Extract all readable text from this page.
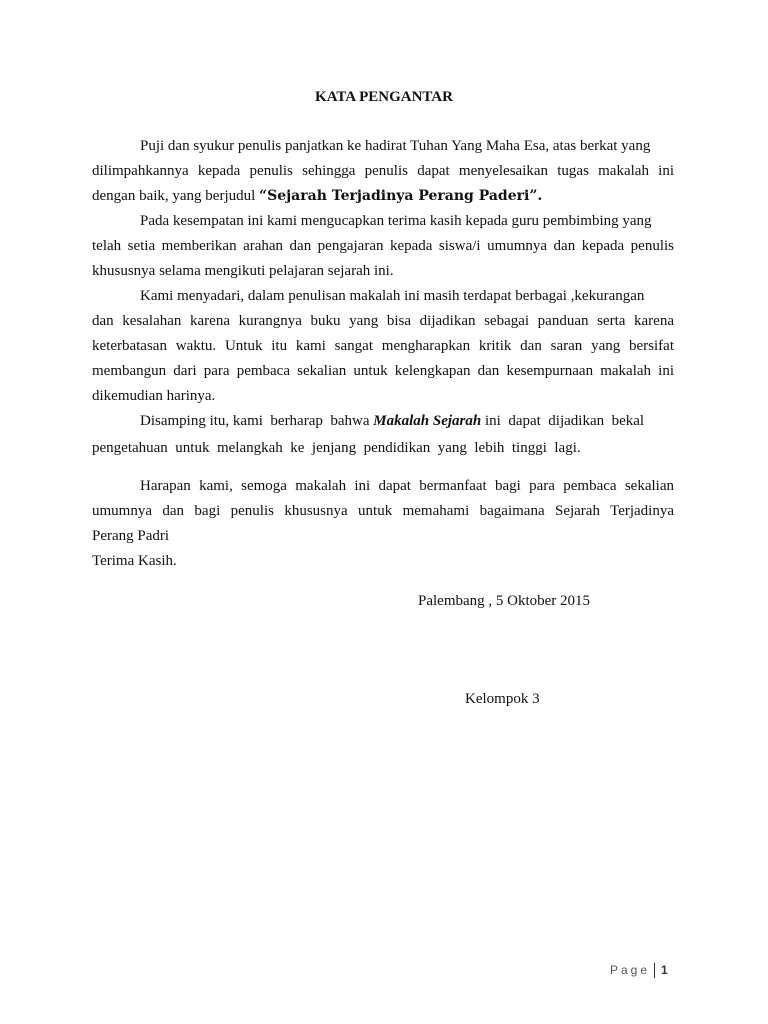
KATA PENGANTAR
Puji dan syukur penulis panjatkan ke hadirat Tuhan Yang Maha Esa, atas berkat yang
dilimpahkannya kepada penulis sehingga penulis dapat menyelesaikan tugas makalah ini
dengan baik, yang berjudul “Sejarah Terjadinya Perang Paderi”.
Pada kesempatan ini kami mengucapkan terima kasih kepada guru pembimbing yang
telah setia memberikan arahan dan pengajaran kepada siswa/i umumnya dan kepada penulis
khususnya selama mengikuti pelajaran sejarah ini.
Kami menyadari, dalam penulisan makalah ini masih terdapat berbagai ,kekurangan
dan kesalahan karena kurangnya buku yang bisa dijadikan sebagai panduan serta karena
keterbatasan waktu. Untuk itu kami sangat mengharapkan kritik dan saran yang bersifat
membangun dari para pembaca sekalian untuk kelengkapan dan kesempurnaan makalah ini
dikemudian harinya.
Disamping itu, kami  berharap  bahwa Makalah Sejarah ini  dapat  dijadikan  bekal
pengetahuan  untuk  melangkah  ke  jenjang  pendidikan  yang  lebih  tinggi  lagi.
Harapan kami, semoga makalah ini dapat bermanfaat bagi para pembaca sekalian
umumnya dan bagi penulis khususnya untuk memahami bagaimana Sejarah Terjadinya
Perang Padri
Terima Kasih.
Palembang , 5 Oktober 2015
Kelompok 3
Page 1
